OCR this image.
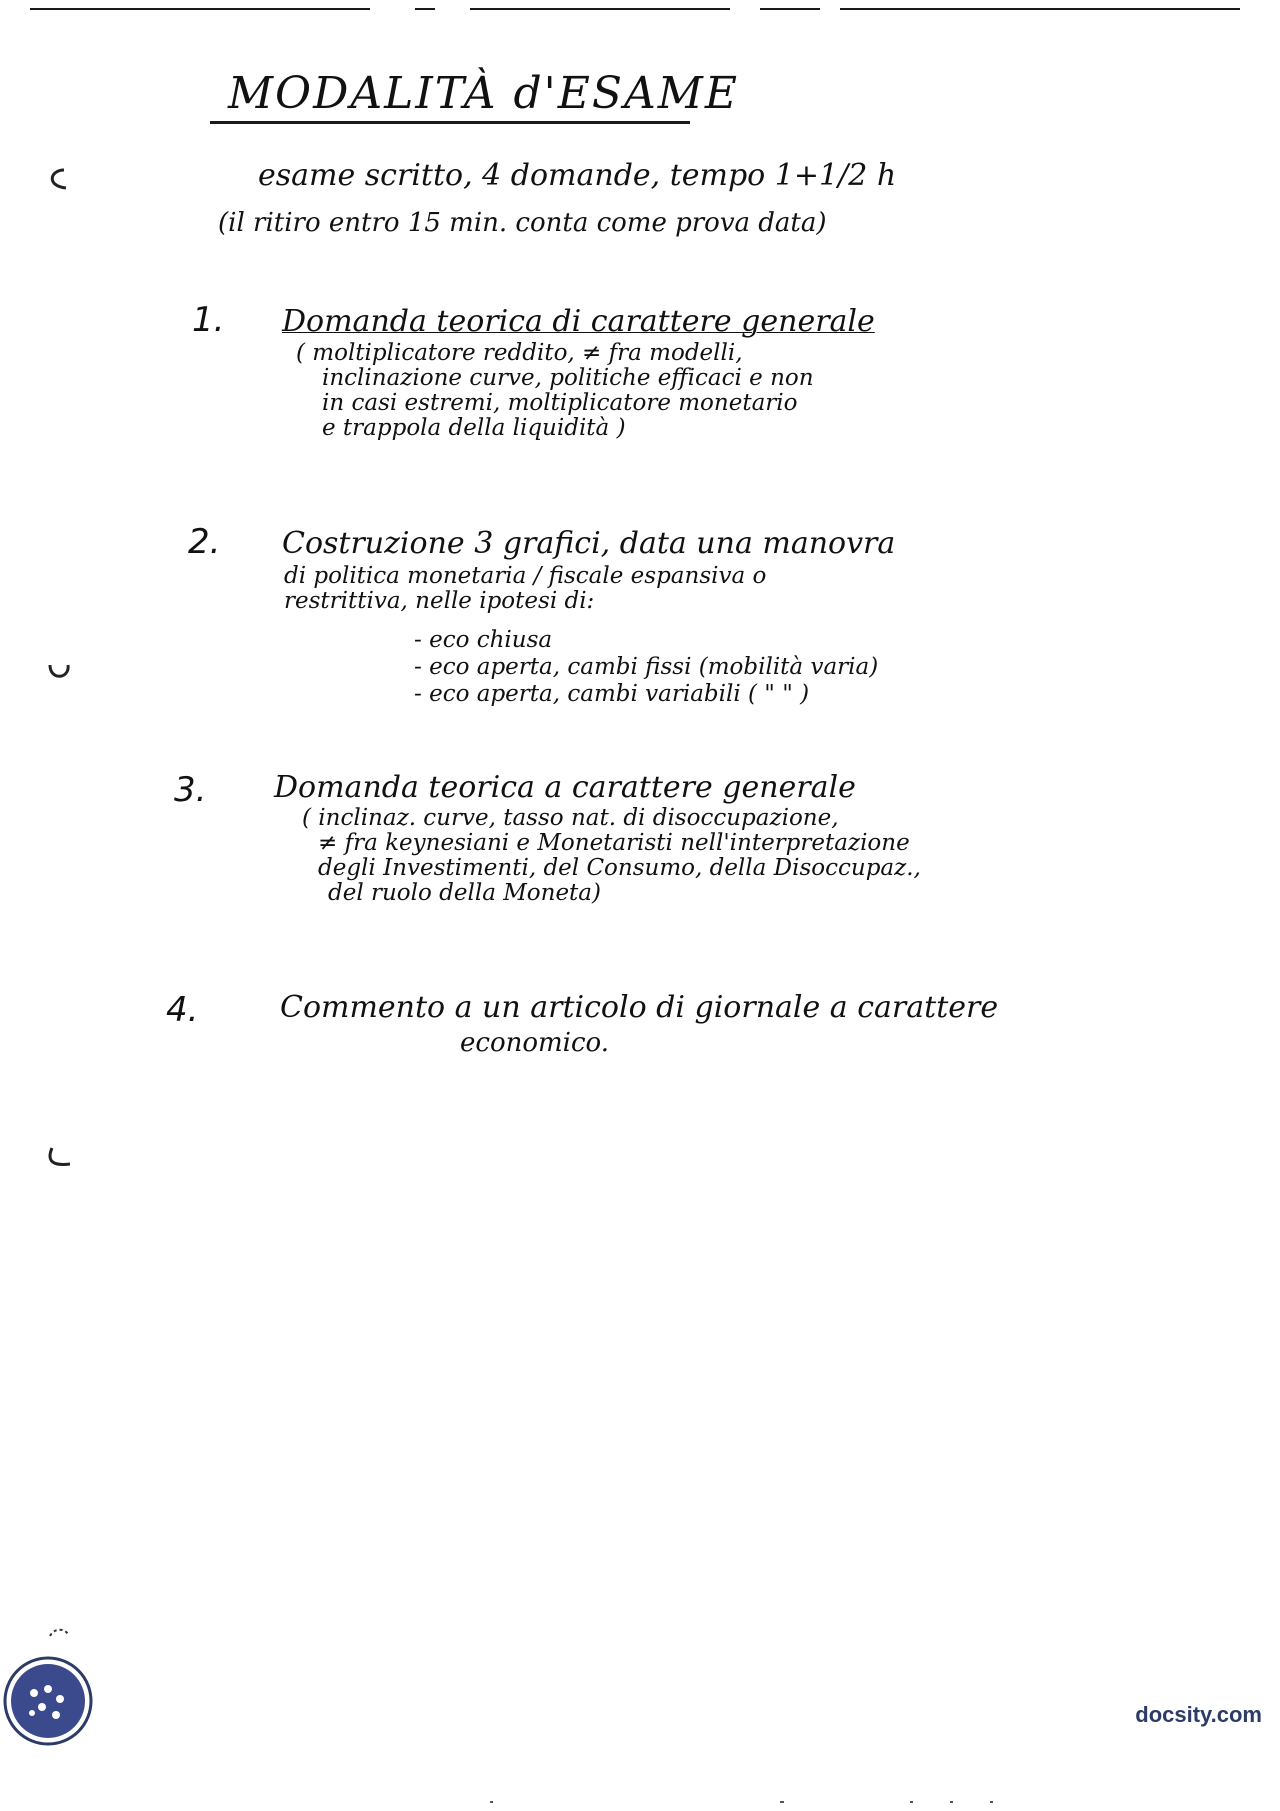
MODALITÀ d'ESAME
esame scritto, 4 domande, tempo 1+1/2 h
(il ritiro entro 15 min. conta come prova data)
1. Domanda teorica di carattere generale
( moltiplicatore reddito, ≠ fra modelli,
inclinazione curve, politiche efficaci e non
in casi estremi, moltiplicatore monetario
e trappola della liquidità )
2. Costruzione 3 grafici, data una manovra
di politica monetaria / fiscale espansiva o
restrittiva, nelle ipotesi di:
- eco chiusa
- eco aperta, cambi fissi (mobilità varia)
- eco aperta, cambi variabili ( " " )
3. Domanda teorica a carattere generale
( inclinaz. curve, tasso nat. di disoccupazione,
≠ fra keynesiani e Monetaristi nell'interpretazione
degli Investimenti, del Consumo, della Disoccupaz.,
del ruolo della Moneta)
4.	Commento a un articolo di giornale a carattere
economico.
docsity.com
